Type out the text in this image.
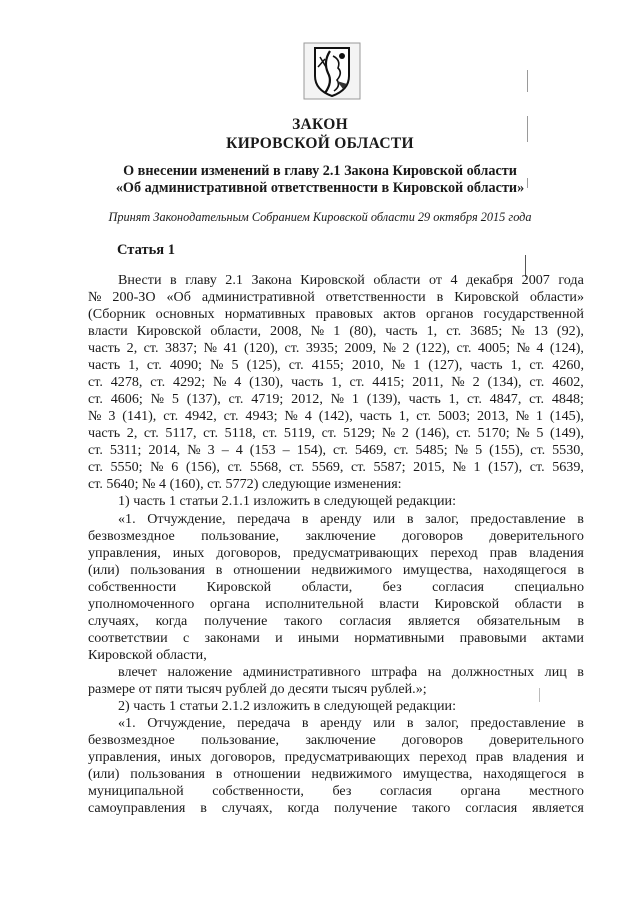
ЗАКОН
КИРОВСКОЙ ОБЛАСТИ
О внесении изменений в главу 2.1 Закона Кировской области
«Об административной ответственности в Кировской области»
Принят Законодательным Собранием Кировской области 29 октября 2015 года
Статья 1
Внести в главу 2.1 Закона Кировской области от 4 декабря 2007 года
№ 200-ЗО «Об административной ответственности в Кировской области»
(Сборник основных нормативных правовых актов органов государственной
власти Кировской области, 2008, № 1 (80), часть 1, ст. 3685; № 13 (92),
часть 2, ст. 3837; № 41 (120), ст. 3935; 2009, № 2 (122), ст. 4005; № 4 (124),
часть 1, ст. 4090; № 5 (125), ст. 4155; 2010, № 1 (127), часть 1, ст. 4260,
ст. 4278, ст. 4292; № 4 (130), часть 1, ст. 4415; 2011, № 2 (134), ст. 4602,
ст. 4606; № 5 (137), ст. 4719; 2012, № 1 (139), часть 1, ст. 4847, ст. 4848;
№ 3 (141), ст. 4942, ст. 4943; № 4 (142), часть 1, ст. 5003; 2013, № 1 (145),
часть 2, ст. 5117, ст. 5118, ст. 5119, ст. 5129; № 2 (146), ст. 5170; № 5 (149),
ст. 5311; 2014, № 3 – 4 (153 – 154), ст. 5469, ст. 5485; № 5 (155), ст. 5530,
ст. 5550; № 6 (156), ст. 5568, ст. 5569, ст. 5587; 2015, № 1 (157), ст. 5639,
ст. 5640; № 4 (160), ст. 5772) следующие изменения:
1) часть 1 статьи 2.1.1 изложить в следующей редакции:
«1. Отчуждение, передача в аренду или в залог, предоставление в
безвозмездное пользование, заключение договоров доверительного
управления, иных договоров, предусматривающих переход прав владения
(или) пользования в отношении недвижимого имущества, находящегося в
собственности Кировской области, без согласия специально
уполномоченного органа исполнительной власти Кировской области в
случаях, когда получение такого согласия является обязательным в
соответствии с законами и иными нормативными правовыми актами
Кировской области,
влечет наложение административного штрафа на должностных лиц в
размере от пяти тысяч рублей до десяти тысяч рублей.»;
2) часть 1 статьи 2.1.2 изложить в следующей редакции:
«1. Отчуждение, передача в аренду или в залог, предоставление в
безвозмездное пользование, заключение договоров доверительного
управления, иных договоров, предусматривающих переход прав владения и
(или) пользования в отношении недвижимого имущества, находящегося в
муниципальной собственности, без согласия органа местного
самоуправления в случаях, когда получение такого согласия является
